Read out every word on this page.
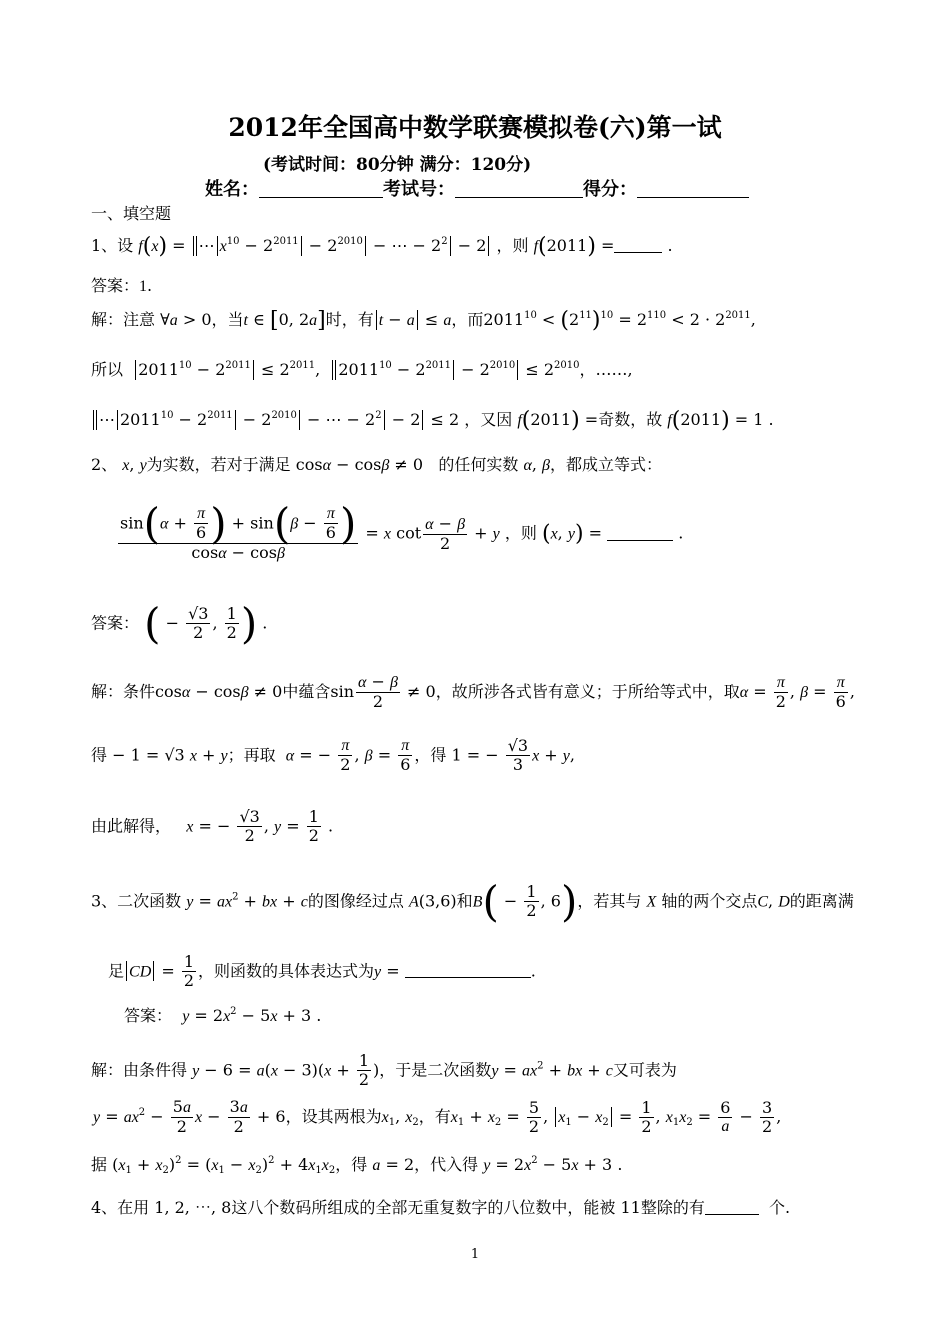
2012年全国高中数学联赛模拟卷(六)第一试
(考试时间：80分钟 满分：120分)
姓名：	考试号：	得分：
一、填空题
1、设 f(x) = ⋯ $x^{10} - 2^{2011} - 2^{2010}$ − ⋯ − $2^2 - 2$ ，则 f(2011) =	.
答案：1.
解：注意 ∀a > 0，当t ∈ [0, 2a]时，有 t − a ≤ a，而$2011^{10} < (2^{11})^{10} = 2^{110} < 2 \cdot 2^{2011}$,
所以 $2011^{10} - 2^{2011} \le 2^{2011}$,  $2011^{10} - 2^{2011} - 2^{2010} \le 2^{2010}$，……,
⋯ $2011^{10} - 2^{2011} - 2^{2010}$ − ⋯ − $2^2 - 2 \le 2$ ，又因 f(2011) =奇数，故 f(2011) = 1 .
2、 x, y为实数，若对于满足 cosα − cosβ ≠ 0   的任何实数 α, β，都成立等式：
$\frac{\sin(\alpha + \frac{\pi}{6} ) + \sin(\beta - \frac{\pi}{6} )}{\cos\alpha - \cos\beta} = x$ $\cot \frac{\alpha - \beta}{2} + y$ ，则 (x, y) =	.
答案： ( − $\frac{√3}{2}$ , $\frac{1}{2}$ ) .
解：条件cosα − cosβ ≠ 0中蕴含$\sin \frac{\alpha - \beta}{2} \ne 0$，故所涉各式皆有意义；于所给等式中，取$\alpha = \frac{\pi}{2}$ , $\beta = \frac{\pi}{6}$ ,
得 − 1 = √3 x + y；再取 α = − $\frac{\pi}{2}$ , $\beta = \frac{\pi}{6}$ ，得 1 = − $\frac{√3}{3}$ x + y,
由此解得， x = − $\frac{√3}{2}$ , $y = \frac{1}{2}$ .
3、二次函数 $y = ax^2$ + bx + c的图像经过点 A(3,6)和$B( - \frac{1}{2}$ , 6)，若其与 X 轴的两个交点C, D的距离满
足 CD = $\frac{1}{2}$ ，则函数的具体表达式为y =	.
答案： $y = 2x^2 - 5x + 3$ .
解：由条件得 $y - 6 = a(x - 3)(x + \frac{1}{2}$ )，于是二次函数$y = ax^2$ + bx + c又可表为
$y = ax^2 - \frac{5a}{2}$ $x - \frac{3a}{2} + 6$，设其两根为$x_1$, $x_2$，有$x_1 + x_2 = \frac{5}{2}$ , $x_1 - x_2 = \frac{1}{2}$ , $x_1x_2 = \frac{6}{a} - \frac{3}{2}$ ,
据 $(x_1 + x_2)^2 = (x_1 - x_2)^2 + 4x_1x_2$，得 a = 2，代入得 $y = 2x^2 - 5x + 3$ .
4、在用 1, 2, ⋯, 8这八个数码所组成的全部无重复数字的八位数中，能被 11整除的有	个.
1
